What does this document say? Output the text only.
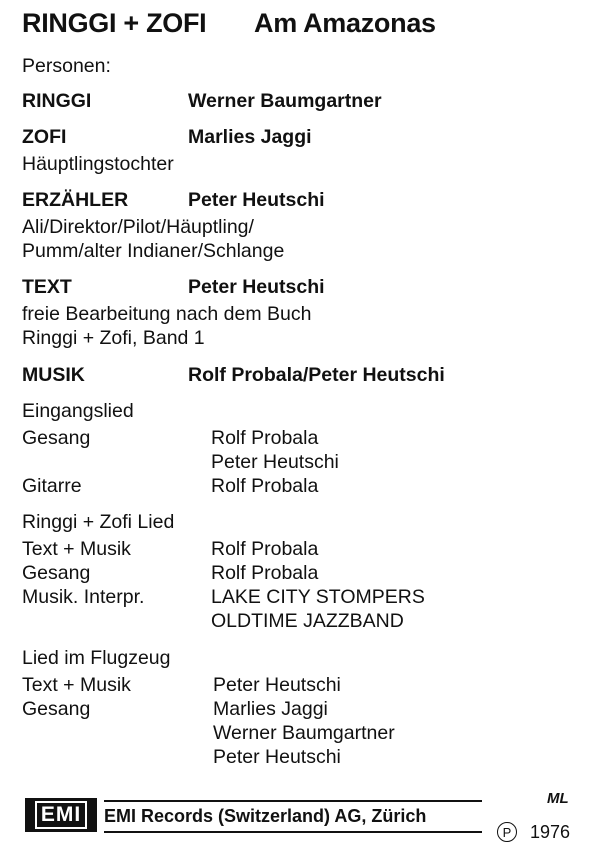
RINGGI + ZOFI Am Amazonas
Personen:
RINGGI	Werner Baumgartner
ZOFI	Marlies Jaggi
Häuptlingstochter
ERZÄHLER	Peter Heutschi
Ali/Direktor/Pilot/Häuptling/
Pumm/alter Indianer/Schlange
TEXT	Peter Heutschi
freie Bearbeitung nach dem Buch
Ringgi + Zofi, Band 1
MUSIK	Rolf Probala/Peter Heutschi
Eingangslied
Gesang	Rolf Probala
Peter Heutschi
Gitarre	Rolf Probala
Ringgi + Zofi Lied
Text + Musik	Rolf Probala
Gesang	Rolf Probala
Musik. Interpr.	LAKE CITY STOMPERS
OLDTIME JAZZBAND
Lied im Flugzeug
Text + Musik	Peter Heutschi
Gesang	Marlies Jaggi
Werner Baumgartner
Peter Heutschi
EMI	EMI Records (Switzerland) AG, Zürich
ML
P 1976
